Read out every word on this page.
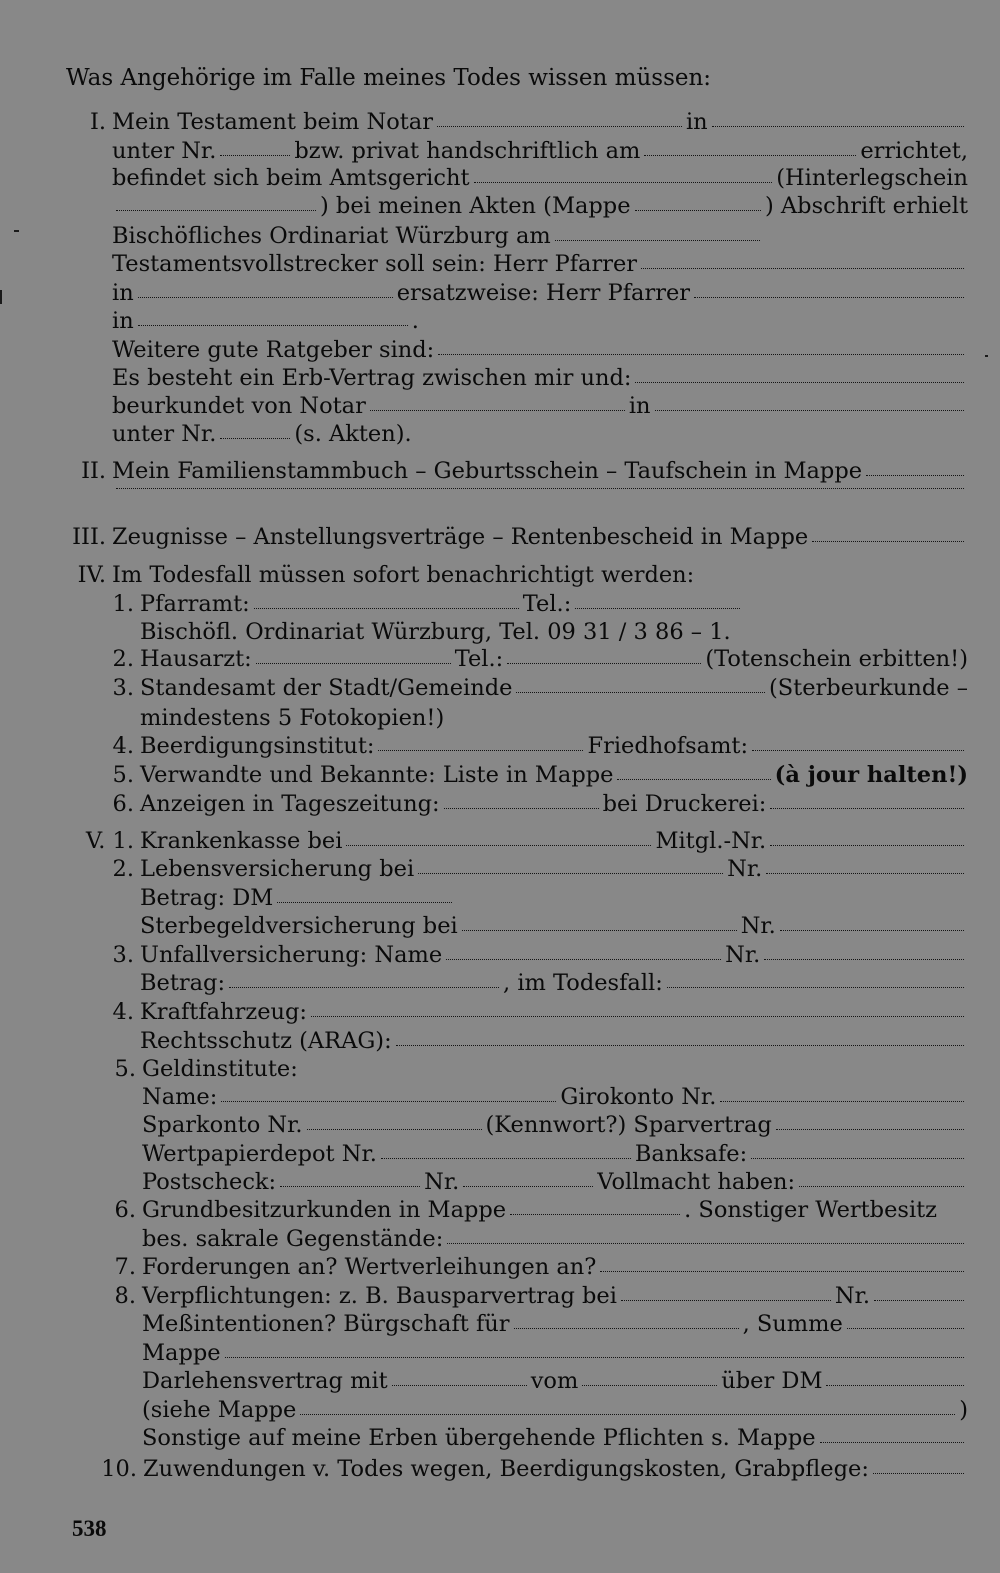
Was Angehörige im Falle meines Todes wissen müssen:
I. Mein Testament beim Notar	in
unter Nr.	bzw. privat handschriftlich am	errichtet,
befindet sich beim Amtsgericht	(Hinterlegschein
) bei meinen Akten (Mappe	) Abschrift erhielt
Bischöfliches Ordinariat Würzburg am
Testamentsvollstrecker soll sein: Herr Pfarrer
in	ersatzweise: Herr Pfarrer
in	.
Weitere gute Ratgeber sind:
Es besteht ein Erb-Vertrag zwischen mir und:
beurkundet von Notar	in
unter Nr.	(s. Akten).
II. Mein Familienstammbuch – Geburtsschein – Taufschein in Mappe
III. Zeugnisse – Anstellungsverträge – Rentenbescheid in Mappe
IV. Im Todesfall müssen sofort benachrichtigt werden:
1. Pfarramt:	Tel.:
Bischöfl. Ordinariat Würzburg, Tel. 09 31 / 3 86 – 1.
2. Hausarzt:	Tel.:	(Totenschein erbitten!)
3. Standesamt der Stadt/Gemeinde	(Sterbeurkunde –
mindestens 5 Fotokopien!)
4. Beerdigungsinstitut:	Friedhofsamt:
5. Verwandte und Bekannte: Liste in Mappe	(à jour halten!)
6. Anzeigen in Tageszeitung:	bei Druckerei:
V. 1. Krankenkasse bei	Mitgl.-Nr.
2. Lebensversicherung bei	Nr.
Betrag: DM
Sterbegeldversicherung bei	Nr.
3. Unfallversicherung: Name	Nr.
Betrag:	, im Todesfall:
4. Kraftfahrzeug:
Rechtsschutz (ARAG):
5. Geldinstitute:
Name:	Girokonto Nr.
Sparkonto Nr.	(Kennwort?) Sparvertrag
Wertpapierdepot Nr.	Banksafe:
Postscheck:	Nr.	Vollmacht haben:
6. Grundbesitzurkunden in Mappe	. Sonstiger Wertbesitz
bes. sakrale Gegenstände:
7. Forderungen an? Wertverleihungen an?
8. Verpflichtungen: z. B. Bausparvertrag bei	Nr.
Meßintentionen? Bürgschaft für	, Summe
Mappe
Darlehensvertrag mit	vom	über DM
(siehe Mappe	)
Sonstige auf meine Erben übergehende Pflichten s. Mappe
10. Zuwendungen v. Todes wegen, Beerdigungskosten, Grabpflege:
538
